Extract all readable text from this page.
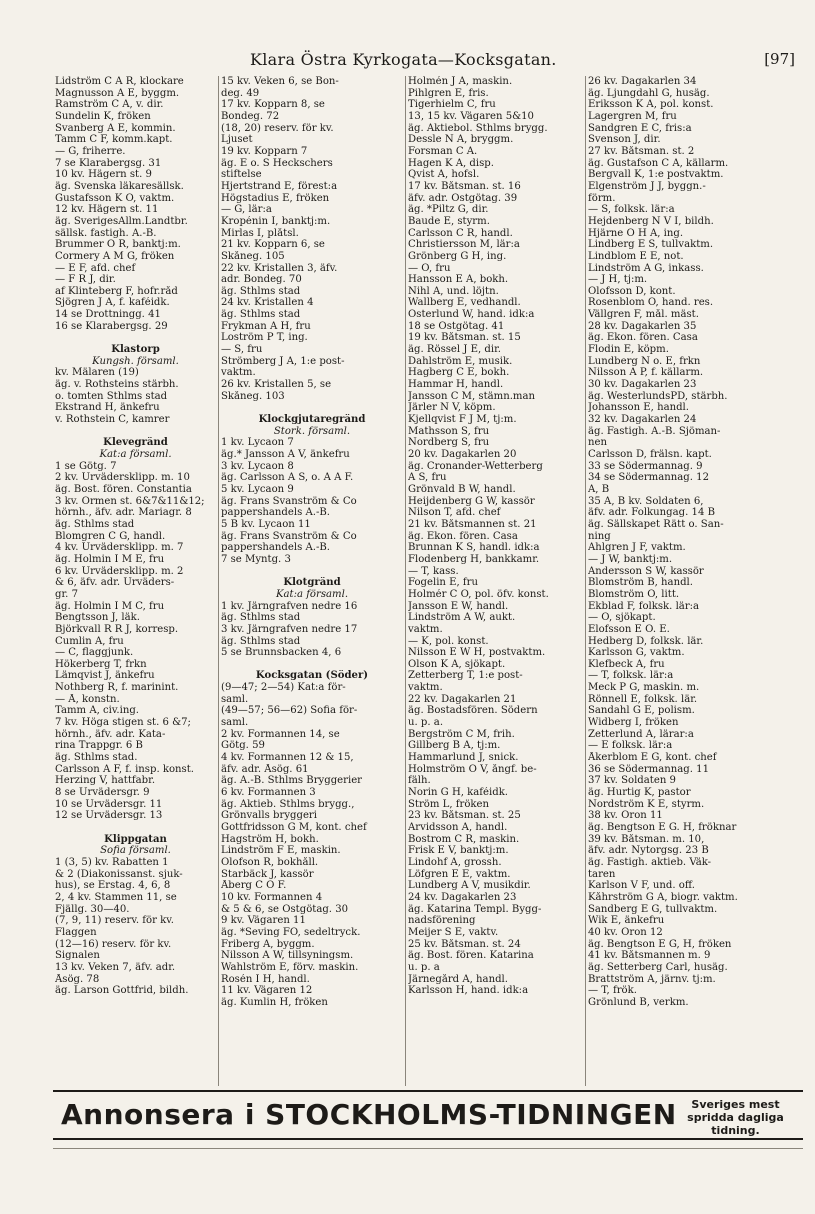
Klara Östra Kyrkogata—Kocksgatan.	[97]
Lidström C A R, klockare
Magnusson A E, byggm.
Ramström C A, v. dir.
Sundelin K, fröken
Svanberg A E, kommin.
Tamm C F, komm.kapt.
— G, friherre.
7 se Klarabergsg. 31
10 kv. Hägern st. 9
äg. Svenska läkaresällsk.
Gustafsson K O, vaktm.
12 kv. Hägern st. 11
äg. SverigesAllm.Landtbr.
sällsk. fastigh. A.-B.
Brummer O R, banktj:m.
Cormery A M G, fröken
— E F, afd. chef
— F R J, dir.
af Klinteberg F, hofr.råd
Sjögren J A, f. kaféidk.
14 se Drottningg. 41
16 se Klarabergsg. 29

Klastorp
Kungsh. församl.
kv. Mälaren (19)
äg. v. Rothsteins stärbh.
o. tomten Sthlms stad
Ekstrand H, änkefru
v. Rothstein C, kamrer

Klevegränd
Kat:a församl.
1 se Götg. 7
2 kv. Urvädersklipp. m. 10
äg. Bost. fören. Constantia
3 kv. Ormen st. 6&7&11&12;
hörnh., äfv. adr. Mariagr. 8
äg. Sthlms stad
Blomgren C G, handl.
4 kv. Urvädersklipp. m. 7
äg. Holmin I M E, fru
6 kv. Urvädersklipp. m. 2
& 6, äfv. adr. Urväders-
gr. 7
äg. Holmin I M C, fru
Bengtsson J, läk.
Björkvall R R J, korresp.
Cumlin A, fru
— C, flaggjunk.
Hökerberg T, frkn
Lämqvist J, änkefru
Nothberg R, f. marinint.
— Å, konstn.
Tamm A, civ.ing.
7 kv. Höga stigen st. 6 &7;
hörnh., äfv. adr. Kata-
rina Trappgr. 6 B
äg. Sthlms stad.
Carlsson A F, f. insp. konst.
Herzing V, hattfabr.
8 se Urvädersgr. 9
10 se Urvädersgr. 11
12 se Urvädersgr. 13

Klippgatan
Sofia församl.
1 (3, 5) kv. Rabatten 1
& 2 (Diakonissanst. sjuk-
hus), se Erstag. 4, 6, 8
2, 4 kv. Stammen 11, se
Fjällg. 30—40.
(7, 9, 11) reserv. för kv.
Flaggen
(12—16) reserv. för kv.
Signalen
13 kv. Veken 7, äfv. adr.
Åsög. 78
äg. Larson Gottfrid, bildh.
15 kv. Veken 6, se Bon-
deg. 49
17 kv. Kopparn 8, se
Bondeg. 72
(18, 20) reserv. för kv.
Ljuset
19 kv. Kopparn 7
äg. E o. S Heckschers
stiftelse
Hjertstrand E, förest:a
Högstadius E, fröken
— G, lär:a
Kropénin I, banktj:m.
Mirlas I, plåtsl.
21 kv. Kopparn 6, se
Skåneg. 105
22 kv. Kristallen 3, äfv.
adr. Bondeg. 70
äg. Sthlms stad
24 kv. Kristallen 4
äg. Sthlms stad
Frykman A H, fru
Loström P T, ing.
— S, fru
Strömberg J A, 1:e post-
vaktm.
26 kv. Kristallen 5, se
Skåneg. 103

Klockgjutaregränd
Stork. församl.
1 kv. Lycaon 7
äg.* Jansson A V, änkefru
3 kv. Lycaon 8
äg. Carlsson A S, o. A A F.
5 kv. Lycaon 9
äg. Frans Svanström & Co
pappershandels A.-B.
5 B kv. Lycaon 11
äg. Frans Svanström & Co
pappershandels A.-B.
7 se Myntg. 3

Klotgränd
Kat:a församl.
1 kv. Järngrafven nedre 16
äg. Sthlms stad
3 kv. Järngrafven nedre 17
äg. Sthlms stad
5 se Brunnsbacken 4, 6

Kocksgatan (Söder)
(9—47; 2—54) Kat:a för-
saml.
(49—57; 56—62) Sofia för-
saml.
2 kv. Formannen 14, se
Götg. 59
4 kv. Formannen 12 & 15,
äfv. adr. Åsög. 61
äg. A.-B. Sthlms Bryggerier
6 kv. Formannen 3
äg. Aktieb. Sthlms brygg.,
Grönvalls bryggeri
Gottfridsson G M, kont. chef
Hagström H, bokh.
Lindström F E, maskin.
Olofson R, bokhåll.
Starbäck J, kassör
Åberg C O F.
10 kv. Formannen 4
& 5 & 6, se Östgötag. 30
9 kv. Vägaren 11
äg. *Seving FO, sedeltryck.
Friberg A, byggm.
Nilsson A W, tillsyningsm.
Wahlström E, förv. maskin.
Rosén I H, handl.
11 kv. Vägaren 12
äg. Kumlin H, fröken
Holmén J A, maskin.
Pihlgren E, fris.
Tigerhielm C, fru
13, 15 kv. Vägaren 5&10
äg. Aktiebol. Sthlms brygg.
Dessle N A, bryggm.
Forsman C A.
Hagen K A, disp.
Qvist A, hofsl.
17 kv. Båtsman. st. 16
äfv. adr. Östgötag. 39
äg. *Piltz G, dir.
Baude E, styrm.
Carlsson C R, handl.
Christiersson M, lär:a
Grönberg G H, ing.
— O, fru
Hansson E A, bokh.
Nihl A, und. löjtn.
Wallberg E, vedhandl.
Österlund W, hand. idk:a
18 se Östgötag. 41
19 kv. Båtsman. st. 15
äg. Rössel J E, dir.
Dahlström E, musik.
Hagberg C E, bokh.
Hammar H, handl.
Jansson C M, stämn.man
Järler N V, köpm.
Kjellqvist F J M, tj:m.
Mathsson S, fru
Nordberg S, fru
20 kv. Dagakarlen 20
äg. Cronander-Wetterberg
A S, fru
Grönvald B W, handl.
Heijdenberg G W, kassör
Nilson T, afd. chef
21 kv. Båtsmannen st. 21
äg. Ekon. fören. Casa
Brunnan K S, handl. idk:a
Flodenberg H, bankkamr.
— T, kass.
Fogelin E, fru
Holmér C O, pol. öfv. konst.
Jansson E W, handl.
Lindström A W, aukt.
vaktm.
— K, pol. konst.
Nilsson E W H, postvaktm.
Olson K A, sjökapt.
Zetterberg T, 1:e post-
vaktm.
22 kv. Dagakarlen 21
äg. Bostadsfören. Södern
u. p. a.
Bergström C M, frih.
Gillberg B A, tj:m.
Hammarlund J, snick.
Holmström O V, ångf. be-
fälh.
Norin G H, kaféidk.
Ström L, fröken
23 kv. Båtsman. st. 25
Arvidsson A, handl.
Bostrom C R, maskin.
Frisk E V, banktj:m.
Lindohf A, grossh.
Löfgren E E, vaktm.
Lundberg A V, musikdir.
24 kv. Dagakarlen 23
äg. Katarina Templ. Bygg-
nadsförening
Meijer S E, vaktv.
25 kv. Båtsman. st. 24
äg. Bost. fören. Katarina
u. p. a
Järnegård A, handl.
Karlsson H, hand. idk:a
26 kv. Dagakarlen 34
äg. Ljungdahl G, husäg.
Eriksson K A, pol. konst.
Lagergren M, fru
Sandgren E C, fris:a
Svenson J, dir.
27 kv. Båtsman. st. 2
äg. Gustafson C A, källarm.
Bergvall K, 1:e postvaktm.
Elgenström J J, byggn.-
förm.
— S, folksk. lär:a
Hejdenberg N V I, bildh.
Hjärne O H A, ing.
Lindberg E S, tullvaktm.
Lindblom E E, not.
Lindström A G, inkass.
— J H, tj:m.
Olofsson D, kont.
Rosenblom O, hand. res.
Vällgren F, mål. mäst.
28 kv. Dagakarlen 35
äg. Ekon. fören. Casa
Flodin E, köpm.
Lundberg N o. E, frkn
Nilsson A P, f. källarm.
30 kv. Dagakarlen 23
äg. WesterlundsPD, stärbh.
Johansson E, handl.
32 kv. Dagakarlen 24
äg. Fastigh. A.-B. Sjöman-
nen
Carlsson D, frälsn. kapt.
33 se Södermannag. 9
34 se Södermannag. 12
A, B
35 A, B kv. Soldaten 6,
äfv. adr. Folkungag. 14 B
äg. Sällskapet Rätt o. San-
ning
Ahlgren J F, vaktm.
— J W, banktj:m.
Andersson S W, kassör
Blomström B, handl.
Blomström O, litt.
Ekblad F, folksk. lär:a
— O, sjökapt.
Elofsson E O. E.
Hedberg D, folksk. lär.
Karlsson G, vaktm.
Klefbeck A, fru
— T, folksk. lär:a
Meck P G, maskin. m.
Rönnell E, folksk. lär.
Sandahl G E, polism.
Widberg I, fröken
Zetterlund A, lärar:a
— E folksk. lär:a
Åkerblom E G, kont. chef
36 se Södermannag. 11
37 kv. Soldaten 9
äg. Hurtig K, pastor
Nordström K E, styrm.
38 kv. Oron 11
äg. Bengtson E G. H, fröknar
39 kv. Båtsman. m. 10,
äfv. adr. Nytorgsg. 23 B
äg. Fastigh. aktieb. Väk-
taren
Karlson V F, und. off.
Kåhrström G A, biogr. vaktm.
Sandberg E G, tullvaktm.
Wik E, änkefru
40 kv. Oron 12
äg. Bengtson E G, H, fröken
41 kv. Båtsmannen m. 9
äg. Setterberg Carl, husäg.
Brattström A, järnv. tj:m.
— T, frök.
Grönlund B, verkm.
Annonsera i STOCKHOLMS-TIDNINGEN	Sveriges mest spridda dagliga tidning.
